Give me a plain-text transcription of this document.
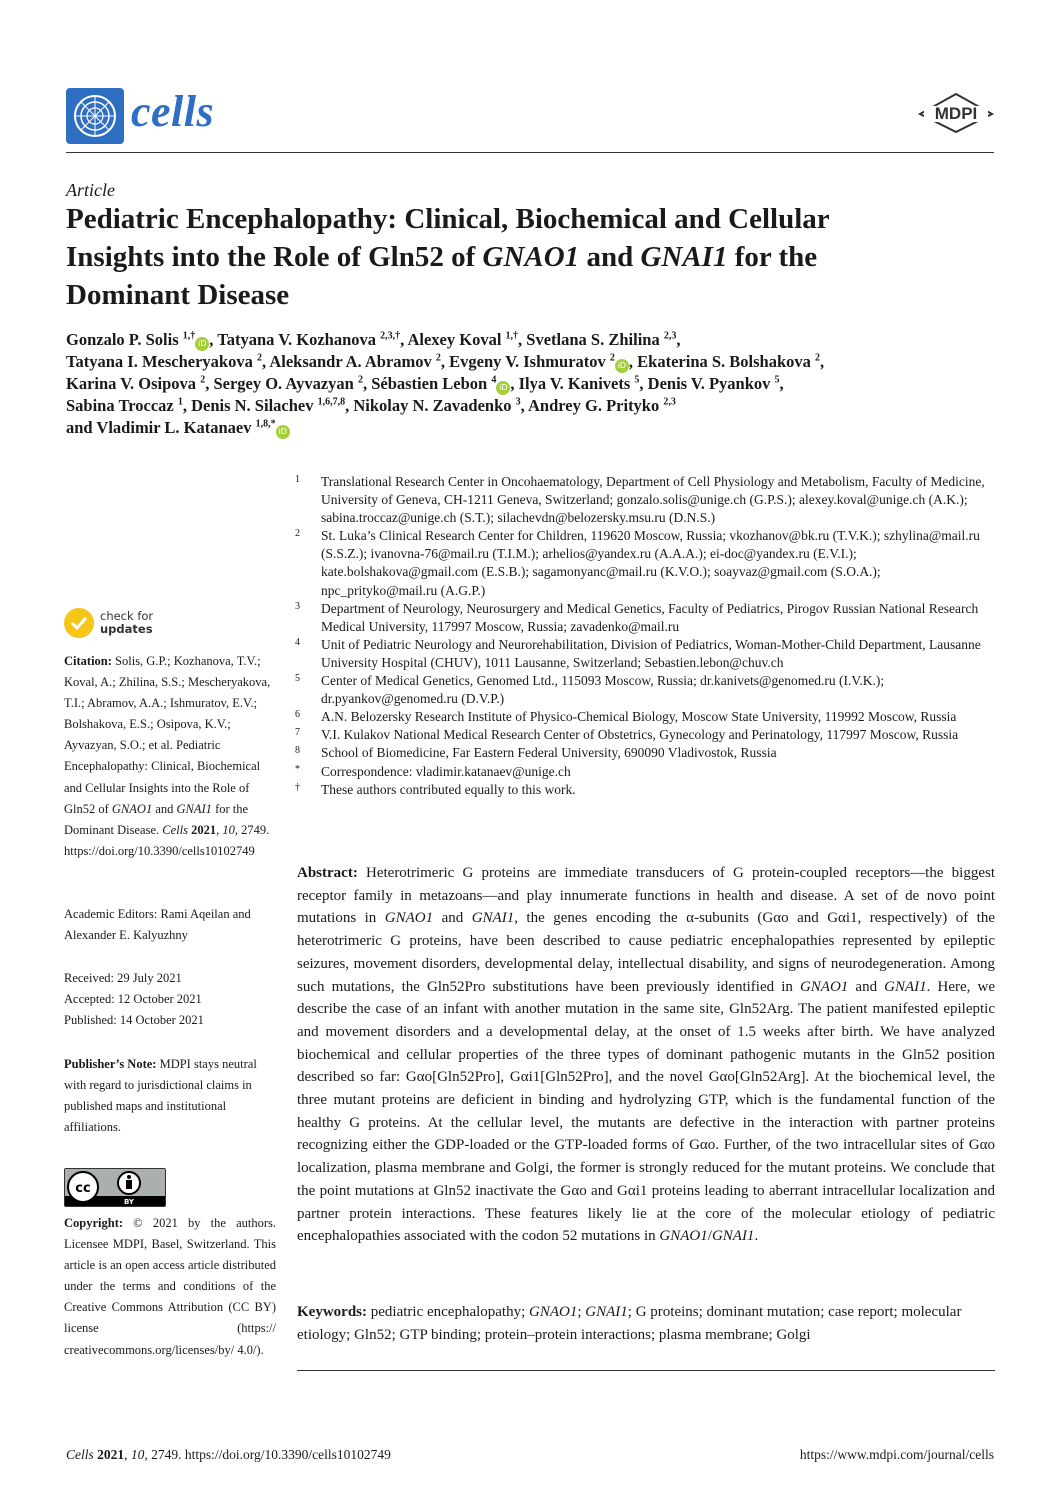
cells	MDPI
Article
Pediatric Encephalopathy: Clinical, Biochemical and Cellular
Insights into the Role of Gln52 of GNAO1 and GNAI1 for the
Dominant Disease
Gonzalo P. Solis $^{1,\dagger}$iD , Tatyana V. Kozhanova $^{2,3,\dagger}$, Alexey Koval $^{1,\dagger}$, Svetlana S. Zhilina $^{2,3}$,
Tatyana I. Mescheryakova $^2$, Aleksandr A. Abramov $^2$, Evgeny V. Ishmuratov $^2$iD , Ekaterina S. Bolshakova $^2$,
Karina V. Osipova $^2$, Sergey O. Ayvazyan $^2$, Sébastien Lebon $^4$iD , Ilya V. Kanivets $^5$, Denis V. Pyankov $^5$,
Sabina Troccaz $^1$, Denis N. Silachev $^{1,6,7,8}$, Nikolay N. Zavadenko $^3$, Andrey G. Prityko $^{2,3}$
and Vladimir L. Katanaev $^{1,8,*}$iD
1	Translational Research Center in Oncohaematology, Department of Cell Physiology and Metabolism, Faculty of Medicine, University of Geneva, CH-1211 Geneva, Switzerland; gonzalo.solis@unige.ch (G.P.S.); alexey.koval@unige.ch (A.K.); sabina.troccaz@unige.ch (S.T.); silachevdn@belozersky.msu.ru (D.N.S.)
2	St. Luka’s Clinical Research Center for Children, 119620 Moscow, Russia; vkozhanov@bk.ru (T.V.K.); szhylina@mail.ru (S.S.Z.); ivanovna-76@mail.ru (T.I.M.); arhelios@yandex.ru (A.A.A.); ei-doc@yandex.ru (E.V.I.); kate.bolshakova@gmail.com (E.S.B.); sagamonyanc@mail.ru (K.V.O.); soayvaz@gmail.com (S.O.A.); npc_prityko@mail.ru (A.G.P.)
3	Department of Neurology, Neurosurgery and Medical Genetics, Faculty of Pediatrics, Pirogov Russian National Research Medical University, 117997 Moscow, Russia; zavadenko@mail.ru
4	Unit of Pediatric Neurology and Neurorehabilitation, Division of Pediatrics, Woman-Mother-Child Department, Lausanne University Hospital (CHUV), 1011 Lausanne, Switzerland; Sebastien.lebon@chuv.ch
5	Center of Medical Genetics, Genomed Ltd., 115093 Moscow, Russia; dr.kanivets@genomed.ru (I.V.K.); dr.pyankov@genomed.ru (D.V.P.)
6	A.N. Belozersky Research Institute of Physico-Chemical Biology, Moscow State University, 119992 Moscow, Russia
7	V.I. Kulakov National Medical Research Center of Obstetrics, Gynecology and Perinatology, 117997 Moscow, Russia
8	School of Biomedicine, Far Eastern Federal University, 690090 Vladivostok, Russia
*	Correspondence: vladimir.katanaev@unige.ch
†	These authors contributed equally to this work.
check for
updates
Citation: Solis, G.P.; Kozhanova, T.V.; Koval, A.; Zhilina, S.S.; Mescheryakova, T.I.; Abramov, A.A.; Ishmuratov, E.V.; Bolshakova, E.S.; Osipova, K.V.; Ayvazyan, S.O.; et al. Pediatric Encephalopathy: Clinical, Biochemical and Cellular Insights into the Role of Gln52 of GNAO1 and GNAI1 for the Dominant Disease. Cells 2021, 10, 2749. https://doi.org/10.3390/cells10102749
Academic Editors: Rami Aqeilan and Alexander E. Kalyuzhny
Received: 29 July 2021
Accepted: 12 October 2021
Published: 14 October 2021
Publisher’s Note: MDPI stays neutral with regard to jurisdictional claims in published maps and institutional affiliations.
cc
BY
Copyright: © 2021 by the authors. Licensee MDPI, Basel, Switzerland. This article is an open access article distributed under the terms and conditions of the Creative Commons Attribution (CC BY) license (https:// creativecommons.org/licenses/by/ 4.0/).
Abstract: Heterotrimeric G proteins are immediate transducers of G protein-coupled receptors—the biggest receptor family in metazoans—and play innumerate functions in health and disease. A set of de novo point mutations in GNAO1 and GNAI1, the genes encoding the α-subunits (Gαo and Gαi1, respectively) of the heterotrimeric G proteins, have been described to cause pediatric encephalopathies represented by epileptic seizures, movement disorders, developmental delay, intellectual disability, and signs of neurodegeneration. Among such mutations, the Gln52Pro substitutions have been previously identified in GNAO1 and GNAI1. Here, we describe the case of an infant with another mutation in the same site, Gln52Arg. The patient manifested epileptic and movement disorders and a developmental delay, at the onset of 1.5 weeks after birth. We have analyzed biochemical and cellular properties of the three types of dominant pathogenic mutants in the Gln52 position described so far: Gαo[Gln52Pro], Gαi1[Gln52Pro], and the novel Gαo[Gln52Arg]. At the biochemical level, the three mutant proteins are deficient in binding and hydrolyzing GTP, which is the fundamental function of the healthy G proteins. At the cellular level, the mutants are defective in the interaction with partner proteins recognizing either the GDP-loaded or the GTP-loaded forms of Gαo. Further, of the two intracellular sites of Gαo localization, plasma membrane and Golgi, the former is strongly reduced for the mutant proteins. We conclude that the point mutations at Gln52 inactivate the Gαo and Gαi1 proteins leading to aberrant intracellular localization and partner protein interactions. These features likely lie at the core of the molecular etiology of pediatric encephalopathies associated with the codon 52 mutations in GNAO1/GNAI1.
Keywords: pediatric encephalopathy; GNAO1; GNAI1; G proteins; dominant mutation; case report; molecular etiology; Gln52; GTP binding; protein–protein interactions; plasma membrane; Golgi
Cells 2021, 10, 2749. https://doi.org/10.3390/cells10102749	https://www.mdpi.com/journal/cells
